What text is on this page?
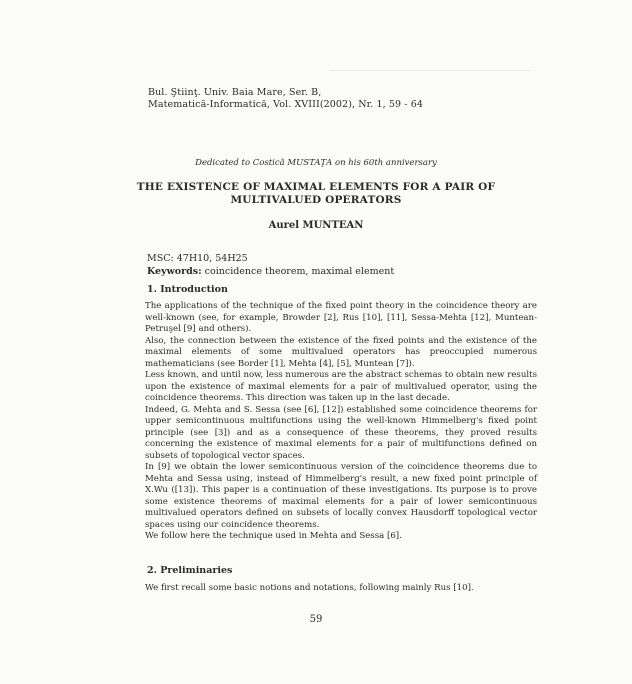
Bul. Ştiinţ. Univ. Baia Mare, Ser. B,
Matematică-Informatică, Vol. XVIII(2002), Nr. 1, 59 - 64
Dedicated to Costică MUSTAŢA on his 60th anniversary
THE EXISTENCE OF MAXIMAL ELEMENTS FOR A PAIR OF MULTIVALUED OPERATORS
Aurel MUNTEAN
MSC: 47H10, 54H25
Keywords: coincidence theorem, maximal element
1. Introduction

The applications of the technique of the fixed point theory in the coincidence theory are well-known (see, for example, Browder [2], Rus [10], [11], Sessa-Mehta [12], Muntean-Petruşel [9] and others).

Also, the connection between the existence of the fixed points and the existence of the maximal elements of some multivalued operators has preoccupied numerous mathematicians (see Border [1], Mehta [4], [5], Muntean [7]).

Less known, and until now, less numerous are the abstract schemas to obtain new results upon the existence of maximal elements for a pair of multivalued operator, using the coincidence theorems. This direction was taken up in the last decade.

Indeed, G. Mehta and S. Sessa (see [6], [12]) established some coincidence theorems for upper semicontinuous multifunctions using the well-known Himmelberg's fixed point principle (see [3]) and as a consequence of these theorems, they proved results concerning the existence of maximal elements for a pair of multifunctions defined on subsets of topological vector spaces.

In [9] we obtain the lower semicontinuous version of the coincidence theorems due to Mehta and Sessa using, instead of Himmelberg's result, a new fixed point principle of X.Wu ([13]). This paper is a continuation of these investigations. Its purpose is to prove some existence theorems of maximal elements for a pair of lower semicontinuous multivalued operators defined on subsets of locally convex Hausdorff topological vector spaces using our coincidence theorems.

We follow here the technique used in Mehta and Sessa [6].

2. Preliminaries

We first recall some basic notions and notations, following mainly Rus [10].

59
